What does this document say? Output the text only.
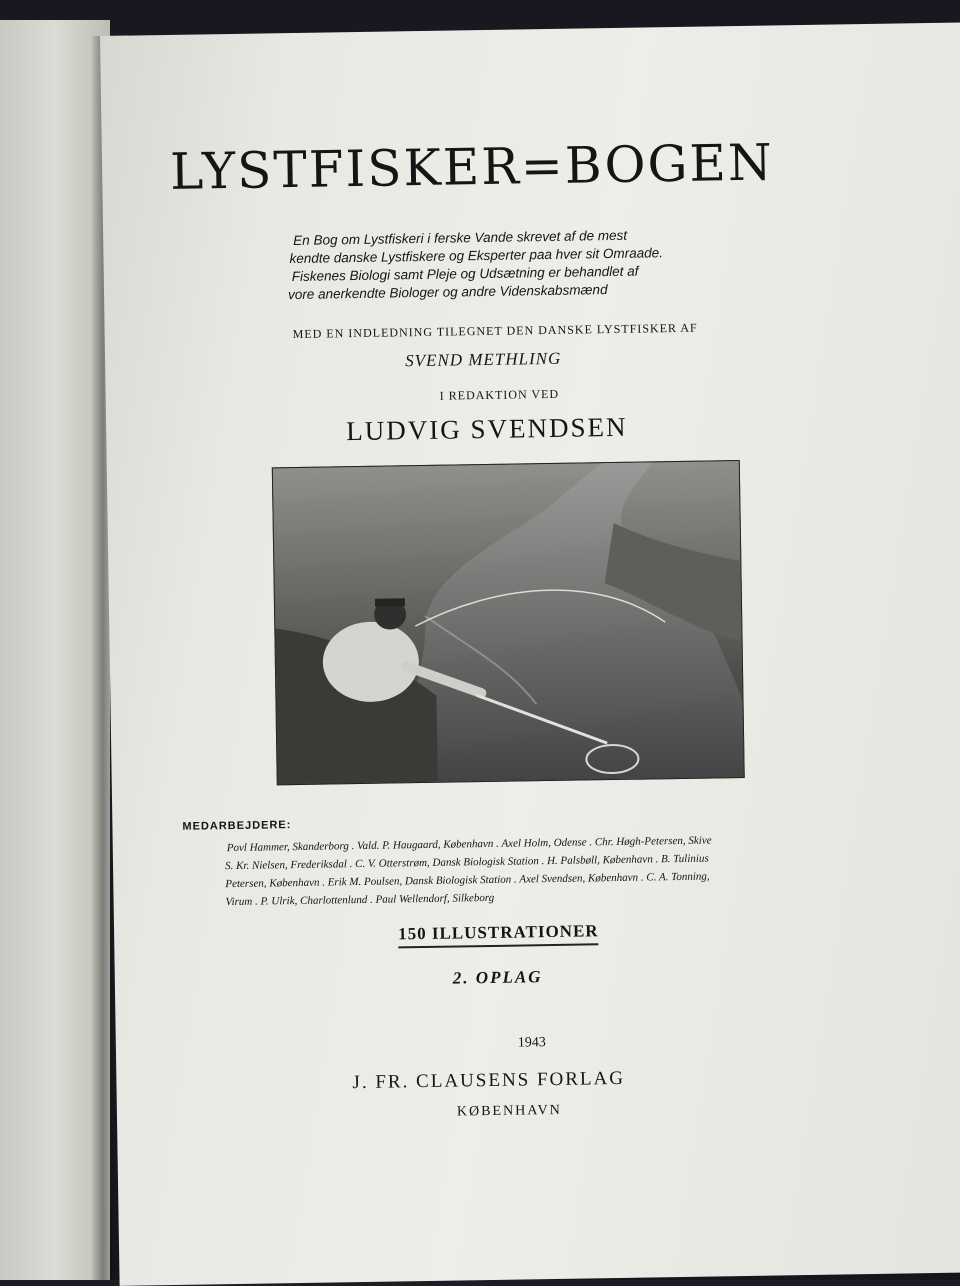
LYSTFISKER=BOGEN

En Bog om Lystfiskeri i ferske Vande skrevet af de mest

kendte danske Lystfiskere og Eksperter paa hver sit Omraade.

Fiskenes Biologi samt Pleje og Udsætning er behandlet af

vore anerkendte Biologer og andre Videnskabsmænd

MED EN INDLEDNING TILEGNET DEN DANSKE LYSTFISKER AF

SVEND METHLING

I REDAKTION VED

LUDVIG SVENDSEN

MEDARBEJDERE:

Povl Hammer, Skanderborg . Vald. P. Haugaard, København . Axel Holm, Odense . Chr. Høgh-Petersen, Skive

S. Kr. Nielsen, Frederiksdal . C. V. Otterstrøm, Dansk Biologisk Station . H. Palsbøll, København . B. Tulinius

Petersen, København . Erik M. Poulsen, Dansk Biologisk Station . Axel Svendsen, København . C. A. Tonning,

Virum . P. Ulrik, Charlottenlund . Paul Wellendorf, Silkeborg

150 ILLUSTRATIONER

2. OPLAG

1943

J. FR. CLAUSENS FORLAG

KØBENHAVN
